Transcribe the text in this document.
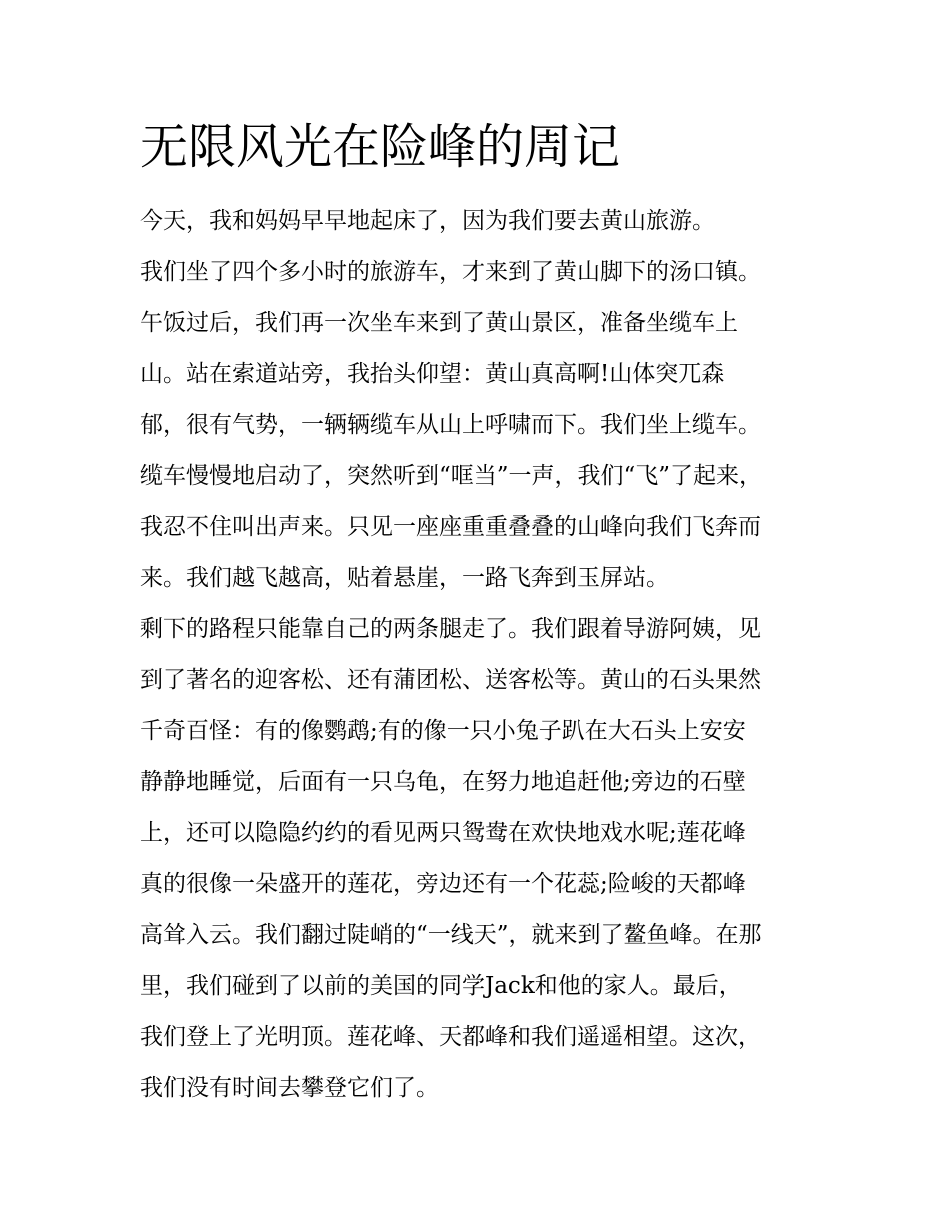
无限风光在险峰的周记
今天，我和妈妈早早地起床了，因为我们要去黄山旅游。
我们坐了四个多小时的旅游车，才来到了黄山脚下的汤口镇。
午饭过后，我们再一次坐车来到了黄山景区，准备坐缆车上
山。站在索道站旁，我抬头仰望：黄山真高啊!山体突兀森
郁，很有气势，一辆辆缆车从山上呼啸而下。我们坐上缆车。
缆车慢慢地启动了，突然听到“哐当”一声，我们“飞”了起来，
我忍不住叫出声来。只见一座座重重叠叠的山峰向我们飞奔而
来。我们越飞越高，贴着悬崖，一路飞奔到玉屏站。
剩下的路程只能靠自己的两条腿走了。我们跟着导游阿姨，见
到了著名的迎客松、还有蒲团松、送客松等。黄山的石头果然
千奇百怪：有的像鹦鹉;有的像一只小兔子趴在大石头上安安
静静地睡觉，后面有一只乌龟，在努力地追赶他;旁边的石壁
上，还可以隐隐约约的看见两只鸳鸯在欢快地戏水呢;莲花峰
真的很像一朵盛开的莲花，旁边还有一个花蕊;险峻的天都峰
高耸入云。我们翻过陡峭的“一线天”，就来到了鳌鱼峰。在那
里，我们碰到了以前的美国的同学Jack和他的家人。最后，
我们登上了光明顶。莲花峰、天都峰和我们遥遥相望。这次，
我们没有时间去攀登它们了。
